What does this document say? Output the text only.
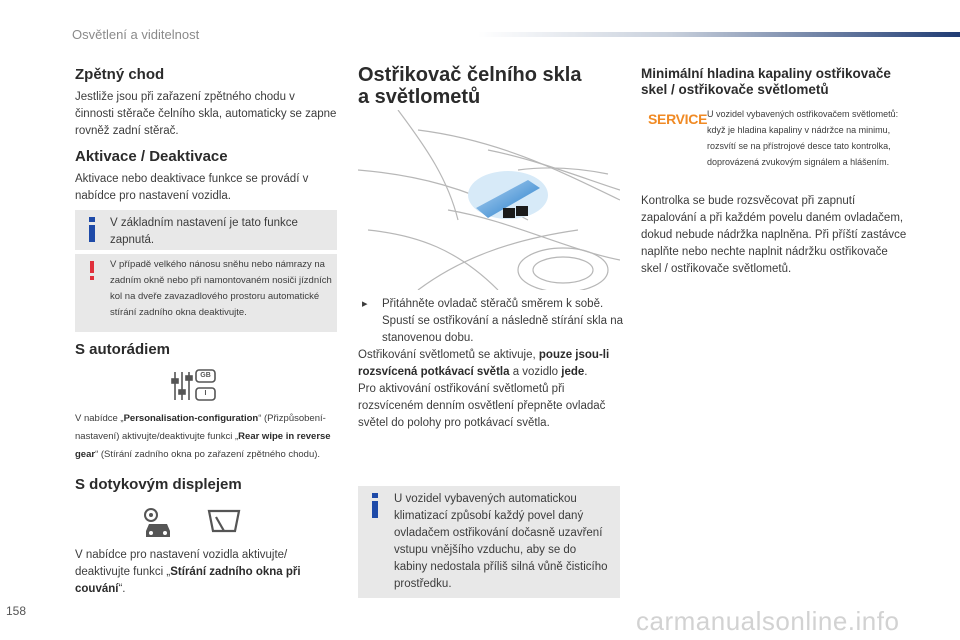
Osvětlení a viditelnost
Zpětný chod

Jestliže jsou při zařazení zpětného chodu v činnosti stěrače čelního skla, automaticky se zapne rovněž zadní stěrač.

Aktivace / Deaktivace

Aktivace nebo deaktivace funkce se provádí v nabídce pro nastavení vozidla.

V základním nastavení je tato funkce zapnutá.

V případě velkého nánosu sněhu nebo námrazy na zadním okně nebo při namontovaném nosiči jízdních kol na dveře zavazadlového prostoru automatické stírání zadního okna deaktivujte.

S autorádiem
GB
I

V nabídce „Personalisation-configuration“ (Přizpůsobení-nastavení) aktivujte/deaktivujte funkci „Rear wipe in reverse gear“ (Stírání zadního okna po zařazení zpětného chodu).

S dotykovým displejem

V nabídce pro nastavení vozidla aktivujte/ deaktivujte funkci „Stírání zadního okna při couvání“.

Ostřikovač čelního skla
a světlometů
▸ Přitáhněte ovladač stěračů směrem k sobě. Spustí se ostřikování a následně stírání skla na stanovenou dobu.

Ostřikování světlometů se aktivuje, pouze jsou-li rozsvícená potkávací světla a vozidlo jede.

Pro aktivování ostřikování světlometů při rozsvíceném denním osvětlení přepněte ovladač světel do polohy pro potkávací světla.

U vozidel vybavených automatickou klimatizací způsobí každý povel daný ovladačem ostřikování dočasně uzavření vstupu vnějšího vzduchu, aby se do kabiny nedostala příliš silná vůně čisticího prostředku.

Minimální hladina kapaliny ostřikovače skel / ostřikovače světlometů
SERVICE U vozidel vybavených ostřikovačem světlometů: když je hladina kapaliny v nádržce na minimu, rozsvítí se na přístrojové desce tato kontrolka, doprovázená zvukovým signálem a hlášením.

Kontrolka se bude rozsvěcovat při zapnutí zapalování a při každém povelu daném ovladačem, dokud nebude nádržka naplněna. Při příští zastávce naplňte nebo nechte naplnit nádržku ostřikovače skel / ostřikovače světlometů.

158	carmanualsonline.info
